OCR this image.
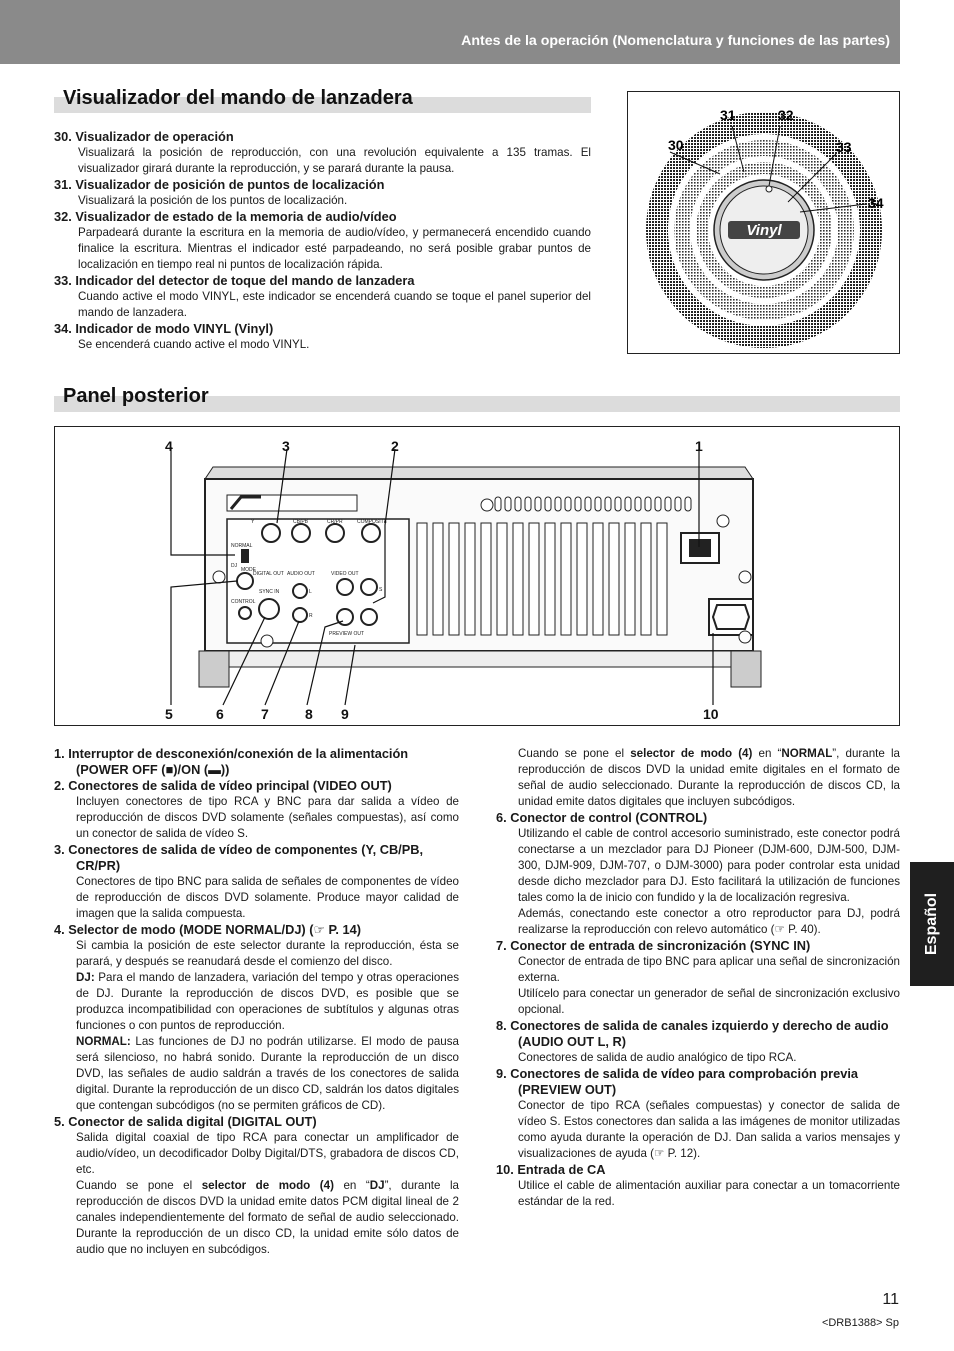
Antes de la operación (Nomenclatura y funciones de las partes)
Visualizador del mando de lanzadera
30. Visualizador de operación
Visualizará la posición de reproducción, con una revolución equivalente a 135 tramas. El visualizador girará durante la reproducción, y se parará durante la pausa.
31. Visualizador de posición de puntos de localización
Visualizará la posición de los puntos de localización.
32. Visualizador de estado de la memoria de audio/vídeo
Parpadeará durante la escritura en la memoria de audio/vídeo, y permanecerá encendido cuando finalice la escritura. Mientras el indicador esté parpadeando, no será posible grabar puntos de localización en tiempo real ni puntos de localización rápida.
33. Indicador del detector de toque del mando de lanzadera
Cuando active el modo VINYL, este indicador se encenderá cuando se toque el panel superior del mando de lanzadera.
34. Indicador de modo VINYL (Vinyl)
Se encenderá cuando active el modo VINYL.
Vinyl
30
31	32
33
34
Panel posterior
Y	CB/PB	CR/PR	COMPOSITE
NORMAL
DJ
MODE
DIGITAL OUT AUDIO OUT	VIDEO OUT
SYNC IN	L
R
S
CONTROL
PREVIEW OUT
4	3	2	1
5	6	7	8 9	10
1. Interruptor de desconexión/conexión de la alimentación (POWER OFF (■)/ON (▬))
2. Conectores de salida de vídeo principal (VIDEO OUT)
Incluyen conectores de tipo RCA y BNC para dar salida a vídeo de reproducción de discos DVD solamente (señales compuestas), así como un conector de salida de vídeo S.
3. Conectores de salida de vídeo de componentes (Y, CB/PB, CR/PR)
Conectores de tipo BNC para salida de señales de componentes de vídeo de reproducción de discos DVD solamente. Produce mayor calidad de imagen que la salida compuesta.
4. Selector de modo (MODE NORMAL/DJ) (☞ P. 14)
Si cambia la posición de este selector durante la reproducción, ésta se parará, y después se reanudará desde el comienzo del disco.
DJ: Para el mando de lanzadera, variación del tempo y otras operaciones de DJ. Durante la reproducción de discos DVD, es posible que se produzca incompatibilidad con operaciones de subtítulos y algunas otras funciones o con puntos de reproducción.
NORMAL: Las funciones de DJ no podrán utilizarse. El modo de pausa será silencioso, no habrá sonido. Durante la reproducción de un disco DVD, las señales de audio saldrán a través de los conectores de salida digital. Durante la reproducción de un disco CD, saldrán los datos digitales que contengan subcódigos (no se permiten gráficos de CD).
5. Conector de salida digital (DIGITAL OUT)
Salida digital coaxial de tipo RCA para conectar un amplificador de audio/vídeo, un decodificador Dolby Digital/DTS, grabadora de discos CD, etc.
Cuando se pone el selector de modo (4) en “DJ”, durante la reproducción de discos DVD la unidad emite datos PCM digital lineal de 2 canales independientemente del formato de señal de audio seleccionado. Durante la reproducción de un disco CD, la unidad emite sólo datos de audio que no incluyen en subcódigos.
Cuando se pone el selector de modo (4) en “NORMAL”, durante la reproducción de discos DVD la unidad emite digitales en el formato de señal de audio seleccionado. Durante la reproducción de discos CD, la unidad emite datos digitales que incluyen subcódigos.
6. Conector de control (CONTROL)
Utilizando el cable de control accesorio suministrado, este conector podrá conectarse a un mezclador para DJ Pioneer (DJM-600, DJM-500, DJM-300, DJM-909, DJM-707, o DJM-3000) para poder controlar esta unidad desde dicho mezclador para DJ. Esto facilitará la utilización de funciones tales como la de inicio con fundido y la de localización regresiva.
Además, conectando este conector a otro reproductor para DJ, podrá realizarse la reproducción con relevo automático (☞ P. 40).
7. Conector de entrada de sincronización (SYNC IN)
Conector de entrada de tipo BNC para aplicar una señal de sincronización externa.
Utilícelo para conectar un generador de señal de sincronización exclusivo opcional.
8. Conectores de salida de canales izquierdo y derecho de audio (AUDIO OUT L, R)
Conectores de salida de audio analógico de tipo RCA.
9. Conectores de salida de vídeo para comprobación previa (PREVIEW OUT)
Conector de tipo RCA (señales compuestas) y conector de salida de vídeo S. Estos conectores dan salida a las imágenes de monitor utilizadas como ayuda durante la operación de DJ. Dan salida a varios mensajes y visualizaciones de ayuda (☞ P. 12).
10. Entrada de CA
Utilice el cable de alimentación auxiliar para conectar a un tomacorriente estándar de la red.
Español
11
<DRB1388> Sp
